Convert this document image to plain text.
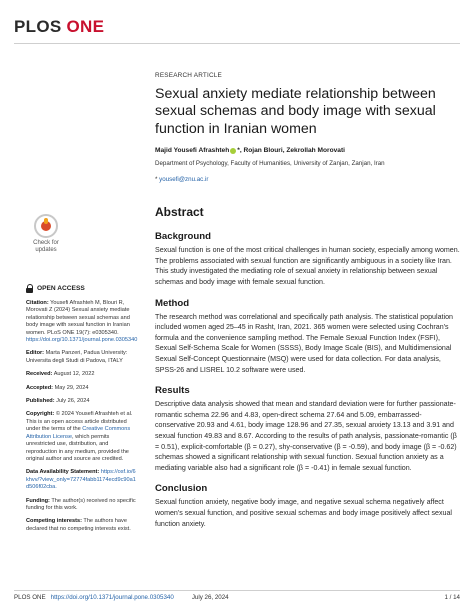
PLOS ONE
Check for
updates
OPEN ACCESS
Citation: Yousefi Afrashteh M, Blouri R, Morovati Z (2024) Sexual anxiety mediate relationship between sexual schemas and body image with sexual function in Iranian women. PLoS ONE 19(7): e0305340. https://doi.org/10.1371/journal.pone.0305340
Editor: Marta Panzeri, Padua University: Universita degli Studi di Padova, ITALY
Received: August 12, 2022
Accepted: May 29, 2024
Published: July 26, 2024
Copyright: © 2024 Yousefi Afrashteh et al. This is an open access article distributed under the terms of the Creative Commons Attribution License, which permits unrestricted use, distribution, and reproduction in any medium, provided the original author and source are credited.
Data Availability Statement: https://osf.io/6khvv/?view_only=72774fabb1174ecd9c90a1d506f02cba.
Funding: The author(s) received no specific funding for this work.
Competing interests: The authors have declared that no competing interests exist.
RESEARCH ARTICLE
Sexual anxiety mediate relationship between sexual schemas and body image with sexual function in Iranian women
Majid Yousefi Afrashteh * , Rojan Blouri, Zekrollah Morovati
Department of Psychology, Faculty of Humanities, University of Zanjan, Zanjan, Iran
* yousefi@znu.ac.ir
Abstract
Background

Sexual function is one of the most critical challenges in human society, especially among women. The problems associated with sexual function are significantly ambiguous in a society like Iran. This study investigated the mediating role of sexual anxiety in relationship between sexual schemas and body image with female sexual function.

Method

The research method was correlational and specifically path analysis. The statistical population included women aged 25–45 in Rasht, Iran, 2021. 365 women were selected using Cochran's formula and the convenience sampling method. The Female Sexual Function Index (FSFI), Sexual Self-Schema Scale for Women (SSSS), Body Image Scale (BIS), and Multidimensional Sexual Self-Concept Questionnaire (MSQ) were used for data collection. For data analysis, SPSS-26 and LISREL 10.2 software were used.

Results

Descriptive data analysis showed that mean and standard deviation were for further passionate-romantic schema 22.96 and 4.83, open-direct schema 27.64 and 5.09, embarrassed-conservative 20.93 and 4.61, body image 128.96 and 27.35, sexual anxiety 13.13 and 3.91 and sexual function 49.83 and 8.67. According to the results of path analysis, passionate-romantic (β = 0.51), explicit-comfortable (β = 0.27), shy-conservative (β = -0.59), and body image (β = -0.62) schemas showed a significant relationship with sexual function. Sexual function anxiety as a mediating variable also had a significant role (β = -0.41) in female sexual function.

Conclusion

Sexual function anxiety, negative body image, and negative sexual schema negatively affect women's sexual function, and positive sexual schemas and body image positively affect sexual function anxiety.

PLOS ONE https://doi.org/10.1371/journal.pone.0305340	July 26, 2024	1 / 14
